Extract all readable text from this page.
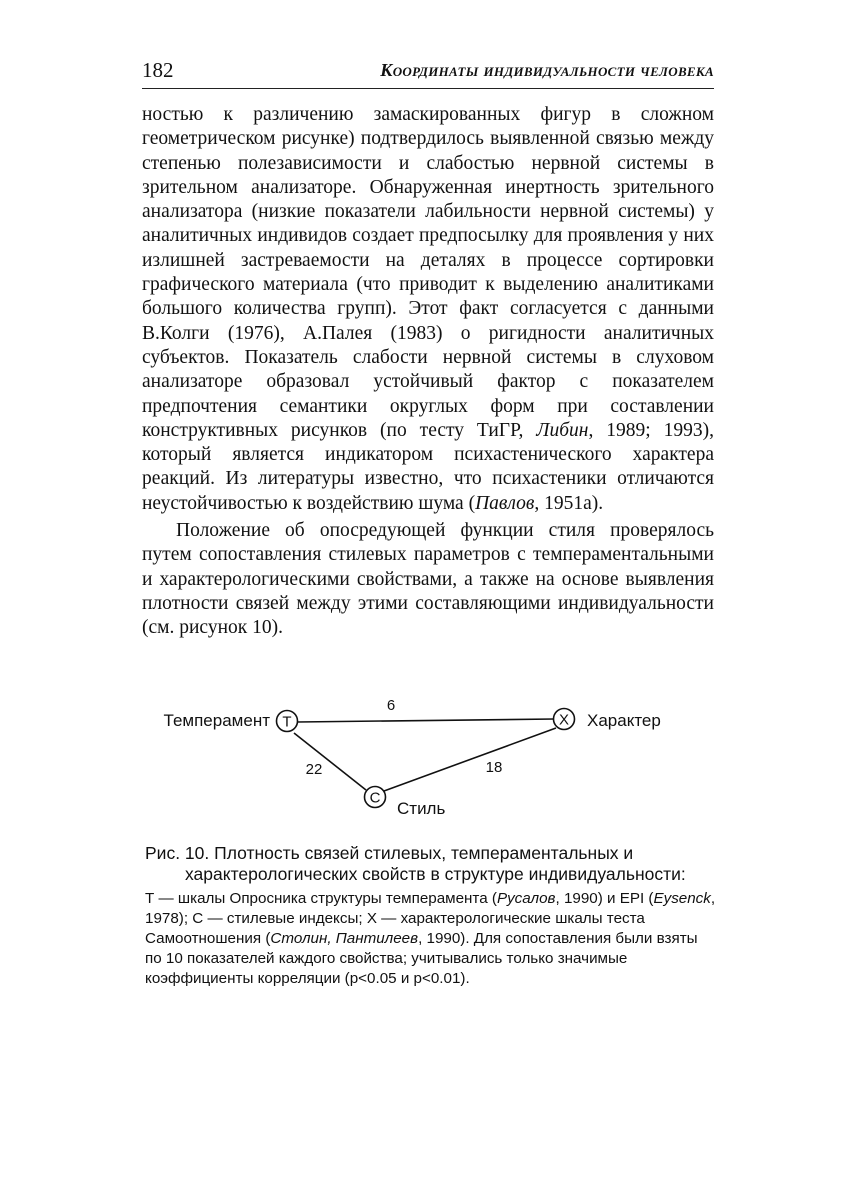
182	Координаты индивидуальности человека

ностью к различению замаскированных фигур в сложном геометрическом рисунке) подтвердилось выявленной связью между степенью полезависимости и слабостью нервной системы в зрительном анализаторе. Обнаруженная инертность зрительного анализатора (низкие показатели лабильности нервной системы) у аналитичных индивидов создает предпосылку для проявления у них излишней застреваемости на деталях в процессе сортировки графического материала (что приводит к выделению аналитиками большого количества групп). Этот факт согласуется с данными В.Колги (1976), А.Палея (1983) о ригидности аналитичных субъектов. Показатель слабости нервной системы в слуховом анализаторе образовал устойчивый фактор с показателем предпочтения семантики округлых форм при составлении конструктивных рисунков (по тесту ТиГР, Либин, 1989; 1993), который является индикатором психастенического характера реакций. Из литературы известно, что психастеники отличаются неустойчивостью к воздействию шума (Павлов, 1951а).

Положение об опосредующей функции стиля проверялось путем сопоставления стилевых параметров с темпераментальными и характерологическими свойствами, а также на основе выявления плотности связей между этими составляющими индивидуальности (см. рисунок 10).

T	X
C
Темперамент	Характер
Стиль
6
22	18
Рис. 10. Плотность связей стилевых, темпераментальных и характерологических свойств в структуре индивидуальности:
Т — шкалы Опросника структуры темперамента (Русалов, 1990) и EPI (Eysenck, 1978); С — стилевые индексы; Х — характерологические шкалы теста Самоотношения (Столин, Пантилеев, 1990). Для сопоставления были взяты по 10 показателей каждого свойства; учитывались только значимые коэффициенты корреляции (p<0.05 и p<0.01).
